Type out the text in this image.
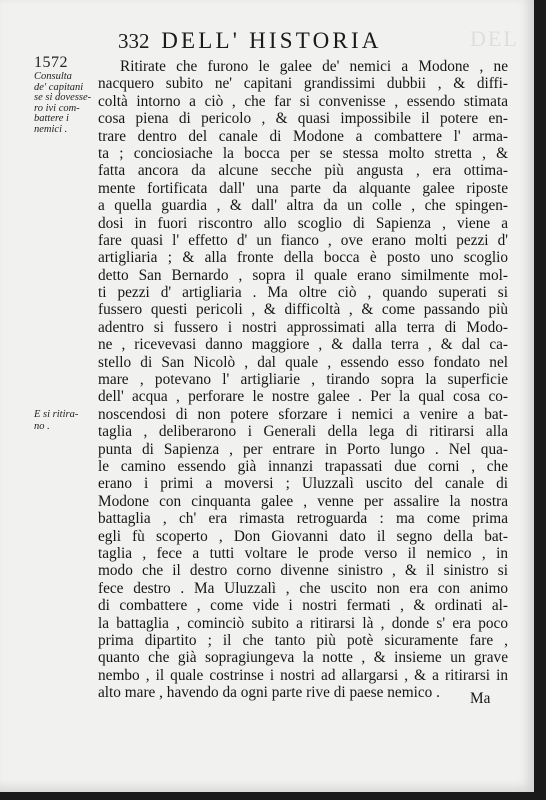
DEL
332 DELL' HISTORIA
1572
Consulta
de' capitani
se si dovesse-
ro ivi com-
battere i
nemici .
E si ritira-
no .
Ritirate che furono le galee de' nemici a Modone , ne
nacquero subito ne' capitani grandissimi dubbii , & diffi-
coltà intorno a ciò , che far si convenisse , essendo stimata
cosa piena di pericolo , & quasi impossibile il potere en-
trare dentro del canale di Modone a combattere l' arma-
ta ; conciosiache la bocca per se stessa molto stretta , &
fatta ancora da alcune secche più angusta , era ottima-
mente fortificata dall' una parte da alquante galee riposte
a quella guardia , & dall' altra da un colle , che spingen-
dosi in fuori riscontro allo scoglio di Sapienza , viene a
fare quasi l' effetto d' un fianco , ove erano molti pezzi d'
artigliaria ; & alla fronte della bocca è posto uno scoglio
detto San Bernardo , sopra il quale erano similmente mol-
ti pezzi d' artigliaria . Ma oltre ciò , quando superati si
fussero questi pericoli , & difficoltà , & come passando più
adentro si fussero i nostri approssimati alla terra di Modo-
ne , ricevevasi danno maggiore , & dalla terra , & dal ca-
stello di San Nicolò , dal quale , essendo esso fondato nel
mare , potevano l' artigliarie , tirando sopra la superficie
dell' acqua , perforare le nostre galee . Per la qual cosa co-
noscendosi di non potere sforzare i nemici a venire a bat-
taglia , deliberarono i Generali della lega di ritirarsi alla
punta di Sapienza , per entrare in Porto lungo . Nel qua-
le camino essendo già innanzi trapassati due corni , che
erano i primi a moversi ; Uluzzalì uscito del canale di
Modone con cinquanta galee , venne per assalire la nostra
battaglia , ch' era rimasta retroguarda : ma come prima
egli fù scoperto , Don Giovanni dato il segno della bat-
taglia , fece a tutti voltare le prode verso il nemico , in
modo che il destro corno divenne sinistro , & il sinistro si
fece destro . Ma Uluzzalì , che uscito non era con animo
di combattere , come vide i nostri fermati , & ordinati al-
la battaglia , cominciò subito a ritirarsi là , donde s' era poco
prima dipartito ; il che tanto più potè sicuramente fare ,
quanto che già sopragiungeva la notte , & insieme un grave
nembo , il quale costrinse i nostri ad allargarsi , & a ritirarsi in
alto mare , havendo da ogni parte rive di paese nemico .	Ma
